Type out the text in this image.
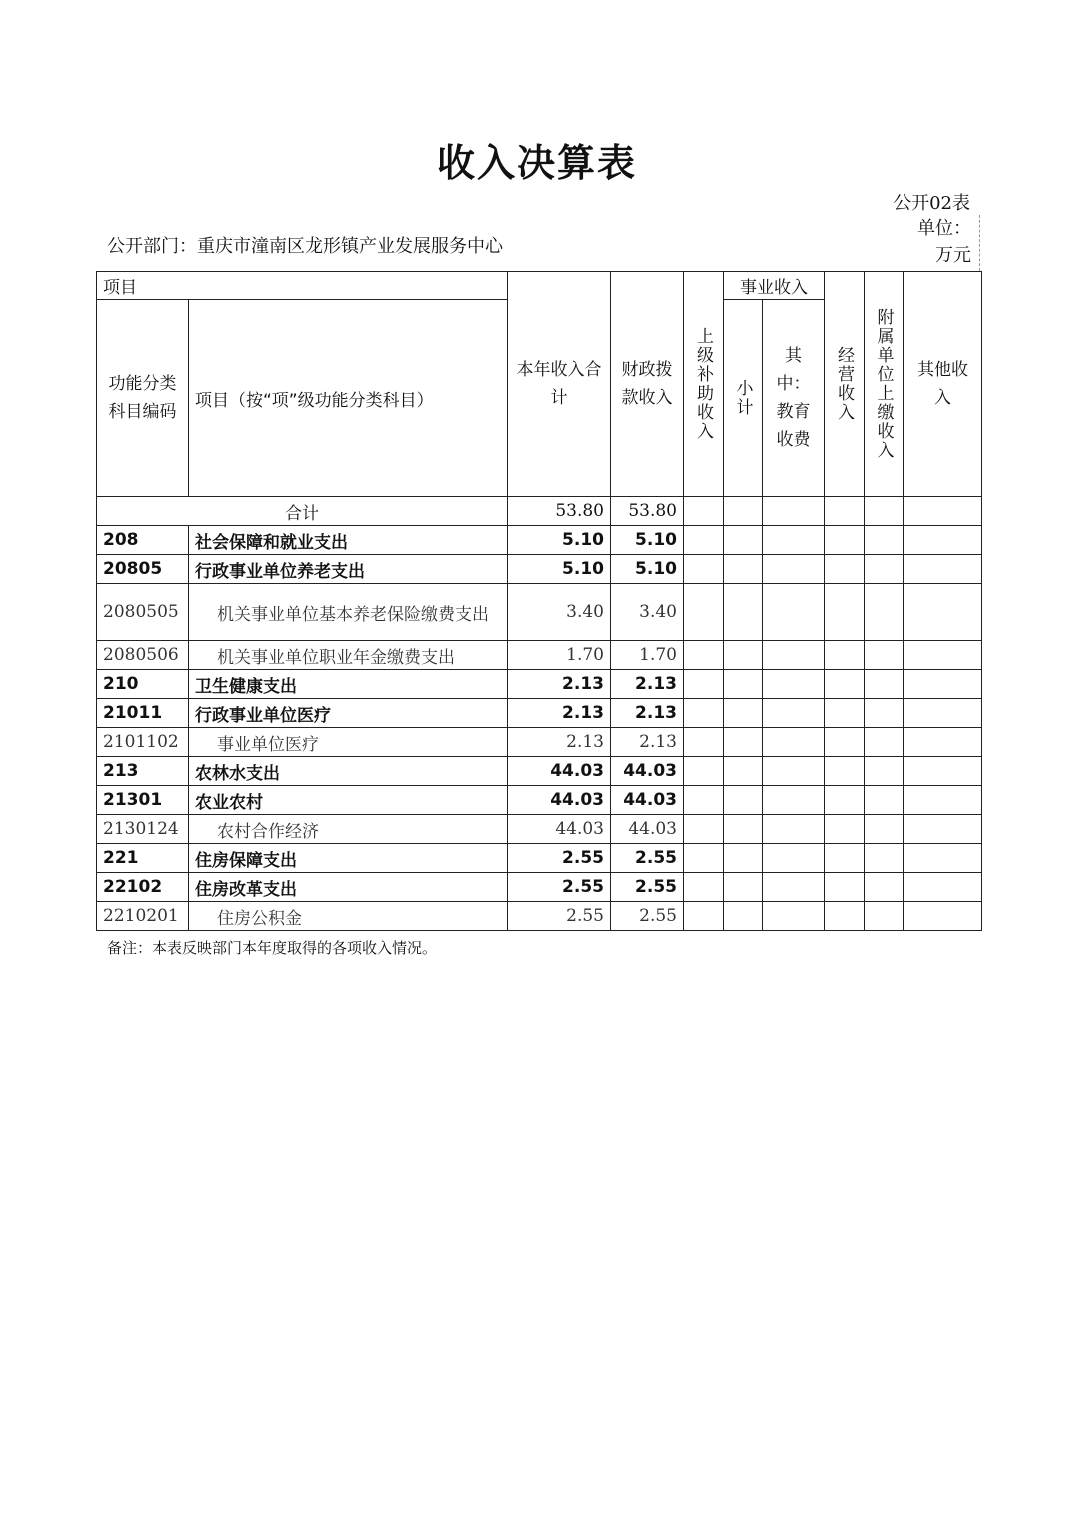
收入决算表
公开02表
公开部门：重庆市潼南区龙形镇产业发展服务中心
单位：万元
项目		本年收入合计	财政拨款收入	上级补助收入	事业收入		经营收入	附属单位上缴收入	其他收入
功能分类科目编码	项目（按“项”级功能分类科目）				小计	其中：教育收费			
合计		53.80	53.80						
208	社会保障和就业支出	5.10	5.10						
20805	行政事业单位养老支出	5.10	5.10						
2080505	机关事业单位基本养老保险缴费支出	3.40	3.40						
2080506	机关事业单位职业年金缴费支出	1.70	1.70						
210	卫生健康支出	2.13	2.13						
21011	行政事业单位医疗	2.13	2.13						
2101102	事业单位医疗	2.13	2.13						
213	农林水支出	44.03	44.03						
21301	农业农村	44.03	44.03						
2130124	农村合作经济	44.03	44.03						
221	住房保障支出	2.55	2.55						
22102	住房改革支出	2.55	2.55						
2210201	住房公积金	2.55	2.55						
备注：本表反映部门本年度取得的各项收入情况。
